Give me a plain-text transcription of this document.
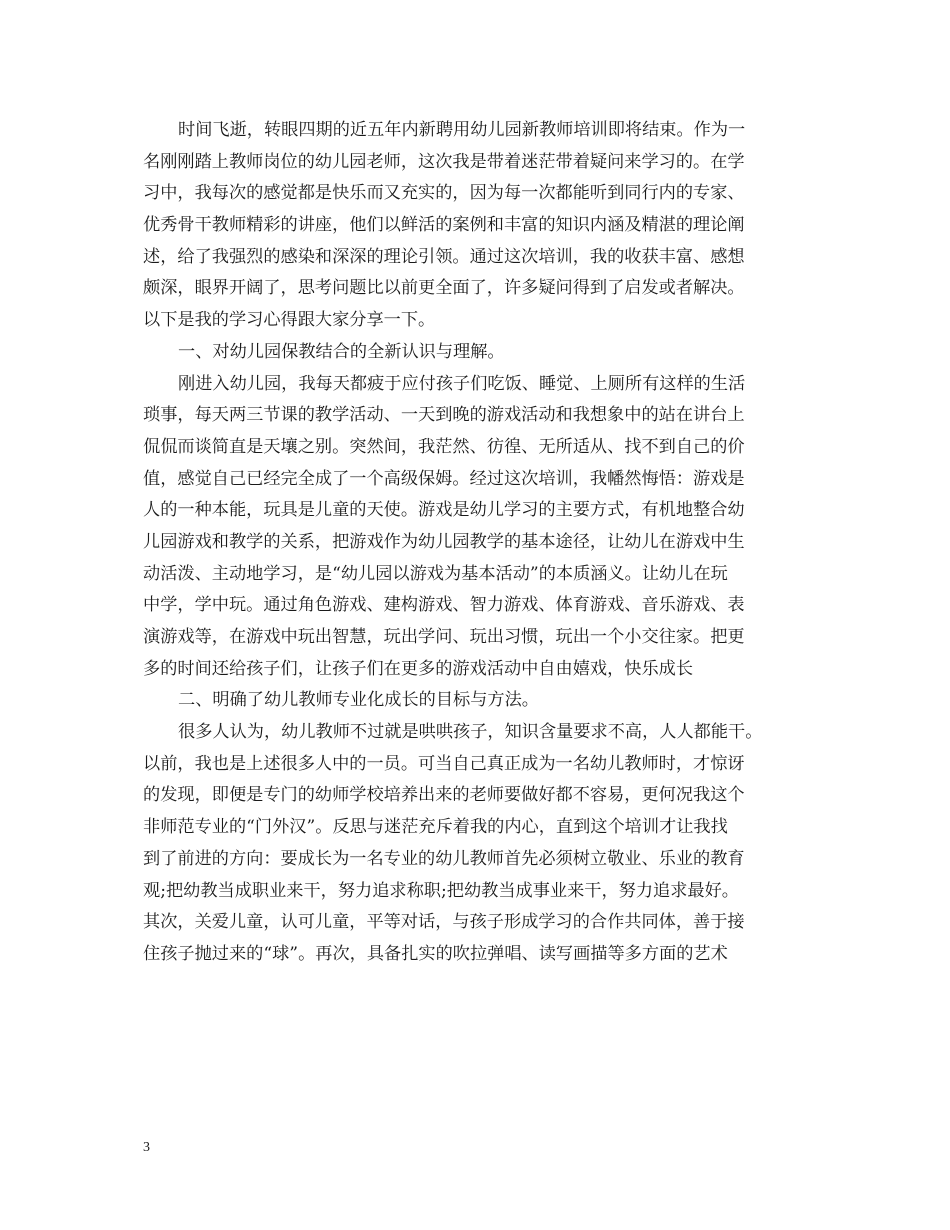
时间飞逝，转眼四期的近五年内新聘用幼儿园新教师培训即将结束。作为一
名刚刚踏上教师岗位的幼儿园老师，这次我是带着迷茫带着疑问来学习的。在学
习中，我每次的感觉都是快乐而又充实的，因为每一次都能听到同行内的专家、
优秀骨干教师精彩的讲座，他们以鲜活的案例和丰富的知识内涵及精湛的理论阐
述，给了我强烈的感染和深深的理论引领。通过这次培训，我的收获丰富、感想
颇深，眼界开阔了，思考问题比以前更全面了，许多疑问得到了启发或者解决。
以下是我的学习心得跟大家分享一下。
一、对幼儿园保教结合的全新认识与理解。
刚进入幼儿园，我每天都疲于应付孩子们吃饭、睡觉、上厕所有这样的生活
琐事，每天两三节课的教学活动、一天到晚的游戏活动和我想象中的站在讲台上
侃侃而谈简直是天壤之别。突然间，我茫然、彷徨、无所适从、找不到自己的价
值，感觉自己已经完全成了一个高级保姆。经过这次培训，我幡然悔悟：游戏是
人的一种本能，玩具是儿童的天使。游戏是幼儿学习的主要方式，有机地整合幼
儿园游戏和教学的关系，把游戏作为幼儿园教学的基本途径，让幼儿在游戏中生
动活泼、主动地学习，是“幼儿园以游戏为基本活动”的本质涵义。让幼儿在玩
中学，学中玩。通过角色游戏、建构游戏、智力游戏、体育游戏、音乐游戏、表
演游戏等，在游戏中玩出智慧，玩出学问、玩出习惯，玩出一个小交往家。把更
多的时间还给孩子们，让孩子们在更多的游戏活动中自由嬉戏，快乐成长
二、明确了幼儿教师专业化成长的目标与方法。
很多人认为，幼儿教师不过就是哄哄孩子，知识含量要求不高，人人都能干。
以前，我也是上述很多人中的一员。可当自己真正成为一名幼儿教师时，才惊讶
的发现，即便是专门的幼师学校培养出来的老师要做好都不容易，更何况我这个
非师范专业的“门外汉”。反思与迷茫充斥着我的内心，直到这个培训才让我找
到了前进的方向：要成长为一名专业的幼儿教师首先必须树立敬业、乐业的教育
观;把幼教当成职业来干，努力追求称职;把幼教当成事业来干，努力追求最好。
其次，关爱儿童，认可儿童，平等对话，与孩子形成学习的合作共同体，善于接
住孩子抛过来的“球”。再次，具备扎实的吹拉弹唱、读写画描等多方面的艺术
3
